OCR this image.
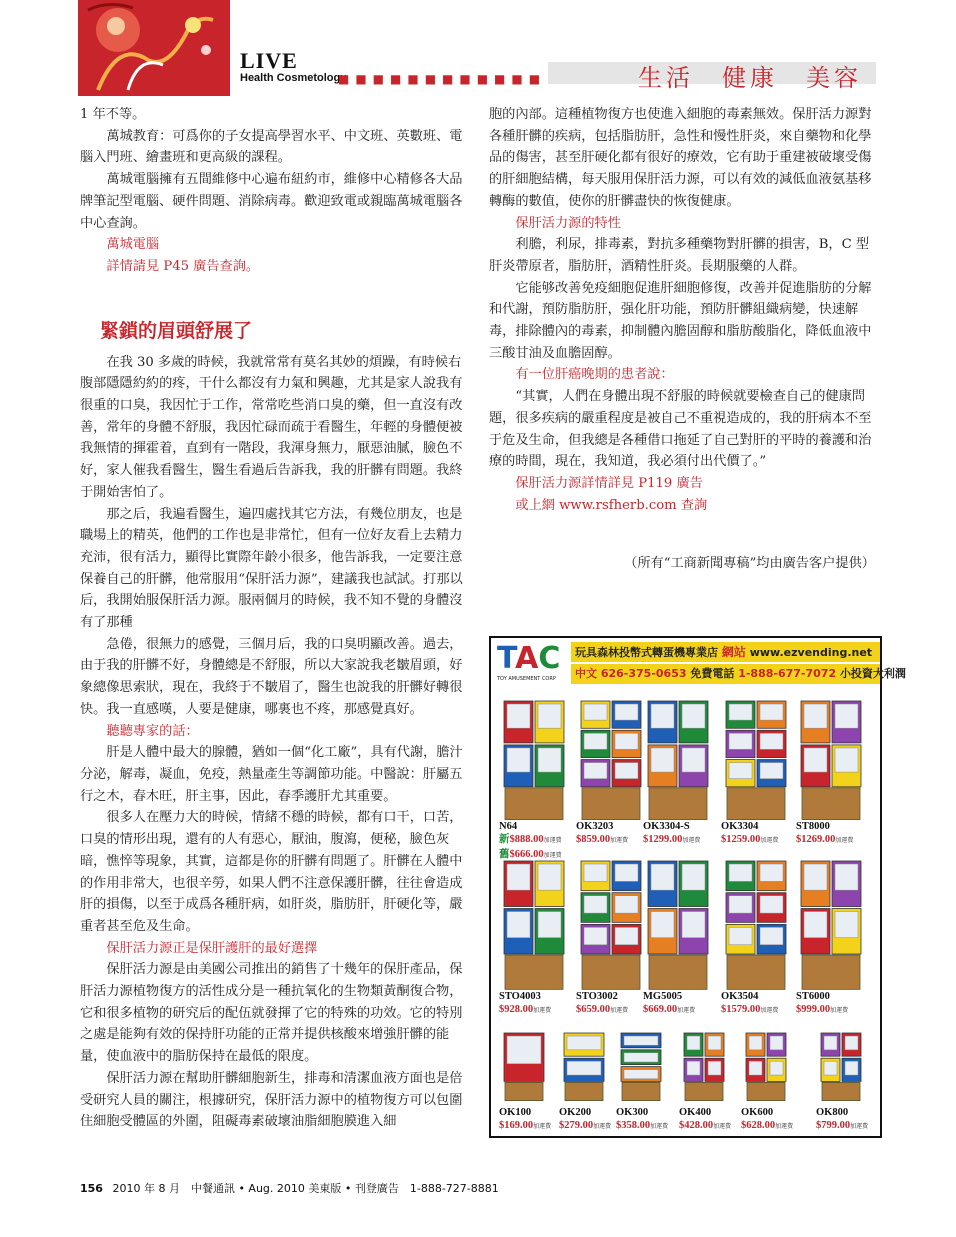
LIVE
Health Cosmetology
■■■■■■■■■■■■	生活　健康　美容

1 年不等。

萬城教育：可爲你的子女提高學習水平、中文班、英數班、電腦入門班、繪畫班和更高級的課程。

萬城電腦擁有五間維修中心遍布紐約市，維修中心精修各大品牌筆記型電腦、硬件問題、消除病毒。歡迎致電或親臨萬城電腦各中心查詢。

萬城電腦

詳情請見 P45 廣告查詢。

緊鎖的眉頭舒展了

在我 30 多歲的時候，我就常常有莫名其妙的煩躁，有時候右腹部隱隱約約的疼，干什么都沒有力氣和興趣，尤其是家人說我有很重的口臭，我因忙于工作，常常吃些消口臭的藥，但一直沒有改善，常年的身體不舒服，我因忙碌而疏于看醫生，年輕的身體便被我無情的揮霍着，直到有一階段，我渾身無力，厭惡油膩，臉色不好，家人催我看醫生，醫生看過后告訴我，我的肝髒有問題。我終于開始害怕了。

那之后，我遍看醫生，遍四處找其它方法，有幾位朋友，也是職場上的精英，他們的工作也是非常忙，但有一位好友看上去精力充沛，很有活力，顯得比實際年齡小很多，他告訴我，一定要注意保養自己的肝髒，他常服用“保肝活力源”，建議我也試試。打那以后，我開始服保肝活力源。服兩個月的時候，我不知不覺的身體沒有了那種

急倦，很無力的感覺，三個月后，我的口臭明顯改善。過去，由于我的肝髒不好，身體總是不舒服，所以大家說我老皺眉頭，好象總像思索狀，現在，我終于不皺眉了，醫生也說我的肝髒好轉很快。我一直感嘆，人要是健康，哪裏也不疼，那感覺真好。

聽聽專家的話：

肝是人體中最大的腺體，猶如一個“化工廠”，具有代謝，膽汁分泌，解毒，凝血，免疫，熱量產生等調節功能。中醫說：肝屬五行之木，春木旺，肝主事，因此，春季護肝尤其重要。

很多人在壓力大的時候，情緒不穩的時候，都有口干，口苦，口臭的情形出現，還有的人有惡心，厭油，腹瀉，便秘，臉色灰暗，憔悴等現象，其實，這都是你的肝髒有問題了。肝髒在人體中的作用非常大，也很辛勞，如果人們不注意保護肝髒，往往會造成肝的損傷，以至于成爲各種肝病，如肝炎，脂肪肝，肝硬化等，嚴重者甚至危及生命。

保肝活力源正是保肝護肝的最好選擇

保肝活力源是由美國公司推出的銷售了十幾年的保肝產品，保肝活力源植物復方的活性成分是一種抗氧化的生物類黃酮復合物，它和很多植物的研究后的配伍就發揮了它的特殊的功效。它的特別之處是能夠有效的保持肝功能的正常并提供核酸來增強肝髒的能量，使血液中的脂肪保持在最低的限度。

保肝活力源在幫助肝髒細胞新生，排毒和清潔血液方面也是倍受研究人員的關注，根據研究，保肝活力源中的植物復方可以包圍住細胞受體區的外圍，阻礙毒素破壞油脂細胞膜進入細

胞的內部。這種植物復方也使進入細胞的毒素無效。保肝活力源對各種肝髒的疾病，包括脂肪肝，急性和慢性肝炎，來自藥物和化學品的傷害，甚至肝硬化都有很好的療效，它有助于重建被破壞受傷的肝細胞結構，每天服用保肝活力源，可以有效的減低血液氨基移轉酶的數值，使你的肝髒盡快的恢復健康。

保肝活力源的特性

利膽，利尿，排毒素，對抗多種藥物對肝髒的損害，B，C 型肝炎帶原者，脂肪肝，酒精性肝炎。長期服藥的人群。

它能够改善免疫細胞促進肝細胞修復，改善并促進脂肪的分解和代謝，預防脂肪肝，强化肝功能，預防肝髒組織病變，快速解毒，排除體內的毒素，抑制體內膽固醇和脂肪酸脂化，降低血液中三酸甘油及血膽固醇。

有一位肝癌晚期的患者說：

“其實，人們在身體出現不舒服的時候就要檢查自己的健康問題，很多疾病的嚴重程度是被自己不重視造成的，我的肝病本不至于危及生命，但我總是各種借口拖延了自己對肝的平時的養護和治療的時間，現在，我知道，我必須付出代價了。”

保肝活力源詳情詳見 P119 廣告

或上網 www.rsfherb.com 查詢

（所有“工商新聞專稿”均由廣告客户提供）
TAC
TOY AMUSEMENT CORP
玩具森林投幣式轉蛋機專業店 網站 www.ezvending.net
中文 626-375-0653 免費電話 1-888-677-7072 小投資大利潤
N64
新$888.00加運費
舊$666.00加運費
OK3203
$859.00加運費
OK3304-S
$1299.00加運費
OK3304
$1259.00加運費
ST8000
$1269.00加運費
STO4003
$928.00加運費
STO3002
$659.00加運費
MG5005
$669.00加運費
OK3504
$1579.00加運費
ST6000
$999.00加運費
OK100
$169.00加運費
OK200
$279.00加運費
OK300
$358.00加運費
OK400
$428.00加運費
OK600
$628.00加運費
OK800
$799.00加運費
156 2010 年 8 月　中餐通訊 • Aug. 2010 美東版 • 刊登廣告　1-888-727-8881
